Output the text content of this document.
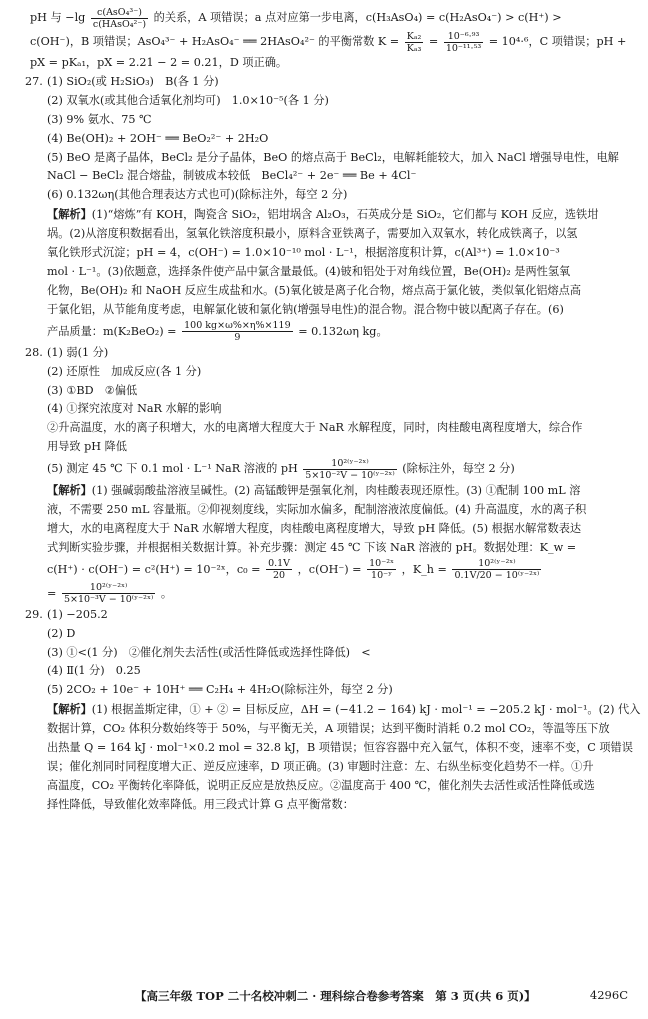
pH 与 $-\lg \frac{\text{c(AsO₄³⁻)}}{\text{c(HAsO₄²⁻)}}$ 的关系，A 项错误；a 点对应第一步电离，c(H₃AsO₄) = c(H₂AsO₄⁻) > c(H⁺) >
c(OH⁻)，B 项错误；AsO₄³⁻ + H₂AsO₄⁻ ══ 2HAsO₄²⁻ 的平衡常数 $K = \frac{\text{Kₐ₂}}{\text{Kₐ₃}} = \frac{\text{10⁻⁶·⁹³}}{\text{10⁻¹¹·⁵³}} = 10^4\cdot^6$，C 项错误；pH +
pX = pKₐ₁，pX = 2.21 − 2 = 0.21，D 项正确。
27. (1) SiO₂(或 H₂SiO₃)　B(各 1 分)
(2) 双氧水(或其他合适氧化剂均可)　1.0×10⁻⁵(各 1 分)
(3) 9% 氨水、75 ℃
(4) Be(OH)₂ + 2OH⁻ ══ BeO₂²⁻ + 2H₂O
(5) BeO 是离子晶体，BeCl₂ 是分子晶体，BeO 的熔点高于 BeCl₂，电解耗能较大，加入 NaCl 增强导电性，电解
NaCl − BeCl₂ 混合熔盐，制铍成本较低　BeCl₄²⁻ + 2e⁻ ══ Be + 4Cl⁻
(6) 0.132ωη(其他合理表达方式也可)(除标注外，每空 2 分)
【解析】(1)“熔炼”有 KOH，陶瓷含 SiO₂，铝坩埚含 Al₂O₃，石英成分是 SiO₂，它们都与 KOH 反应，选铁坩
埚。(2)从溶度积数据看出，氢氧化铁溶度积最小，原料含亚铁离子，需要加入双氧水，转化成铁离子，以氢
氧化铁形式沉淀；pH = 4，c(OH⁻) = 1.0×10⁻¹⁰ mol · L⁻¹，根据溶度积计算，c(Al³⁺) = 1.0×10⁻³
mol · L⁻¹。(3)依题意，选择条件使产品中氯含量最低。(4)铍和铝处于对角线位置，Be(OH)₂ 是两性氢氧
化物，Be(OH)₂ 和 NaOH 反应生成盐和水。(5)氧化铍是离子化合物，熔点高于氯化铍，类似氧化铝熔点高
于氯化铝，从节能角度考虑，电解氯化铍和氯化钠(增强导电性)的混合物。混合物中铍以配离子存在。(6)
产品质量：$m(K_2BeO_2) = \frac{100 kg\times\omega\%\times\eta\%\times 119}{9} = 0.132\omega\eta$ kg。
28. (1) 弱(1 分)
(2) 还原性　加成反应(各 1 分)
(3) ①BD　②偏低
(4) ①探究浓度对 NaR 水解的影响
②升高温度，水的离子积增大，水的电离增大程度大于 NaR 水解程度，同时，肉桂酸电离程度增大，综合作
用导致 pH 降低
(5) 测定 45 ℃ 下 0.1 mol · L⁻¹ NaR 溶液的 pH $\frac{\text{10²⁽ʸ⁻²ˣ⁾}}{\text{5×10⁻²V − 10⁽ʸ⁻²ˣ⁾}}$ (除标注外，每空 2 分)
【解析】(1) 强碱弱酸盐溶液呈碱性。(2) 高锰酸钾是强氧化剂，肉桂酸表现还原性。(3) ①配制 100 mL 溶
液，不需要 250 mL 容量瓶。②仰视刻度线，实际加水偏多，配制溶液浓度偏低。(4) 升高温度，水的离子积
增大，水的电离程度大于 NaR 水解增大程度，肉桂酸电离程度增大，导致 pH 降低。(5) 根据水解常数表达
式判断实验步骤，并根据相关数据计算。补充步骤：测定 45 ℃ 下该 NaR 溶液的 pH。数据处理：K_w =
c(H⁺) · c(OH⁻) = c²(H⁺) = 10⁻²ˣ，$c_0 = \frac{0.1V}{20}$ ，$c(OH^-) = \frac{\text{10⁻²ˣ}}{\text{10⁻ʸ}}$ ，K_h = $\frac{\text{10²⁽ʸ⁻²ˣ⁾}}{\text{0.1V/20 − 10⁽ʸ⁻²ˣ⁾}}$
= $\frac{\text{10²⁽ʸ⁻²ˣ⁾}}{\text{5×10⁻³V − 10⁽ʸ⁻²ˣ⁾}}$ 。
29. (1) −205.2
(2) D
(3) ①<(1 分)　②催化剂失去活性(或活性降低或选择性降低)　<
(4) Ⅱ(1 分)　0.25
(5) 2CO₂ + 10e⁻ + 10H⁺ ══ C₂H₄ + 4H₂O(除标注外，每空 2 分)
【解析】(1) 根据盖斯定律，① + ② = 目标反应，ΔH = (−41.2 − 164) kJ · mol⁻¹ = −205.2 kJ · mol⁻¹。(2) 代入
数据计算，CO₂ 体积分数始终等于 50%，与平衡无关，A 项错误；达到平衡时消耗 0.2 mol CO₂，等温等压下放
出热量 Q = 164 kJ · mol⁻¹×0.2 mol = 32.8 kJ，B 项错误；恒容容器中充入氩气，体积不变，速率不变，C 项错误
误；催化剂同时同程度增大正、逆反应速率，D 项正确。(3) 审题时注意：左、右纵坐标变化趋势不一样。①升
高温度，CO₂ 平衡转化率降低，说明正反应是放热反应。②温度高于 400 ℃，催化剂失去活性或活性降低或选
择性降低，导致催化效率降低。用三段式计算 G 点平衡常数：
【高三年级 TOP 二十名校冲刺二 · 理科综合卷参考答案　第 3 页(共 6 页)】	4296C
